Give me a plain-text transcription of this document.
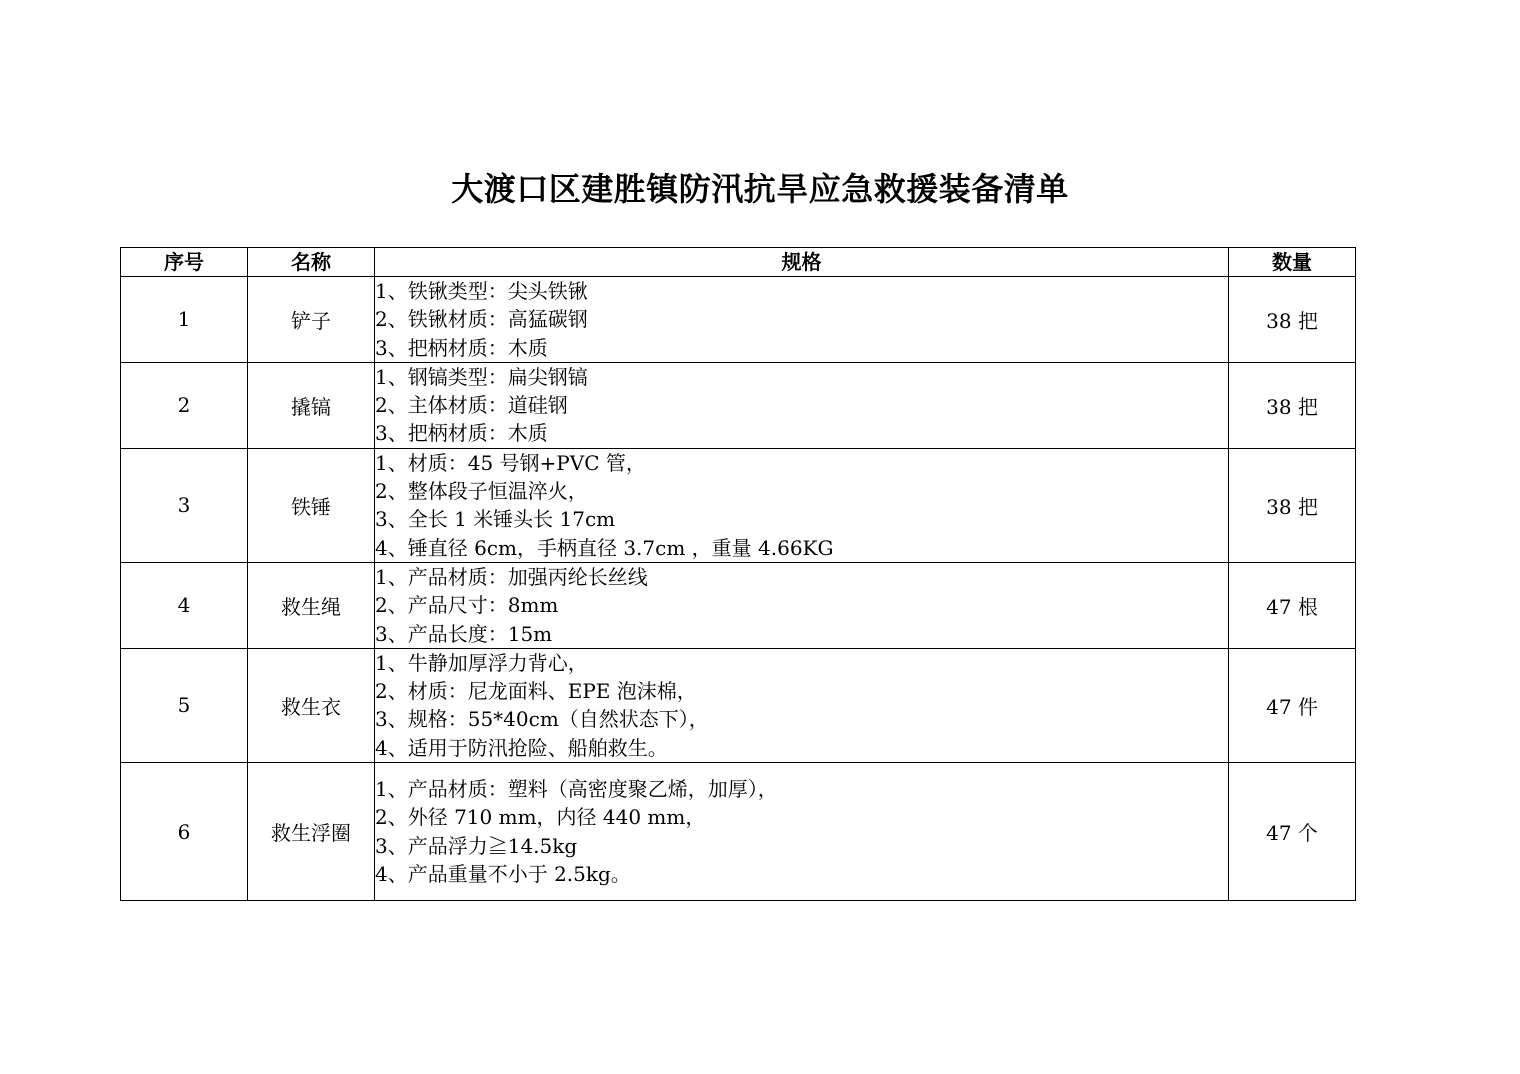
大渡口区建胜镇防汛抗旱应急救援装备清单
序号	名称	规格	数量
1	铲子	1、铁锹类型：尖头铁锹
2、铁锹材质：高猛碳钢
3、把柄材质：木质	38 把
2	撬镐	1、钢镐类型：扁尖钢镐
2、主体材质：道硅钢
3、把柄材质：木质	38 把
3	铁锤	1、材质：45 号钢+PVC 管，
2、整体段子恒温淬火，
3、全长 1 米锤头长 17cm
4、锤直径 6cm，手柄直径 3.7cm ，重量 4.66KG	38 把
4	救生绳	1、产品材质：加强丙纶长丝线
2、产品尺寸：8mm
3、产品长度：15m	47 根
5	救生衣	1、牛静加厚浮力背心，
2、材质：尼龙面料、EPE 泡沫棉，
3、规格：55*40cm（自然状态下），
4、适用于防汛抢险、船舶救生。	47 件
6	救生浮圈	1、产品材质：塑料（高密度聚乙烯，加厚），
2、外径 710 mm，内径 440 mm，
3、产品浮力≧14.5kg
4、产品重量不小于 2.5kg。	47 个
